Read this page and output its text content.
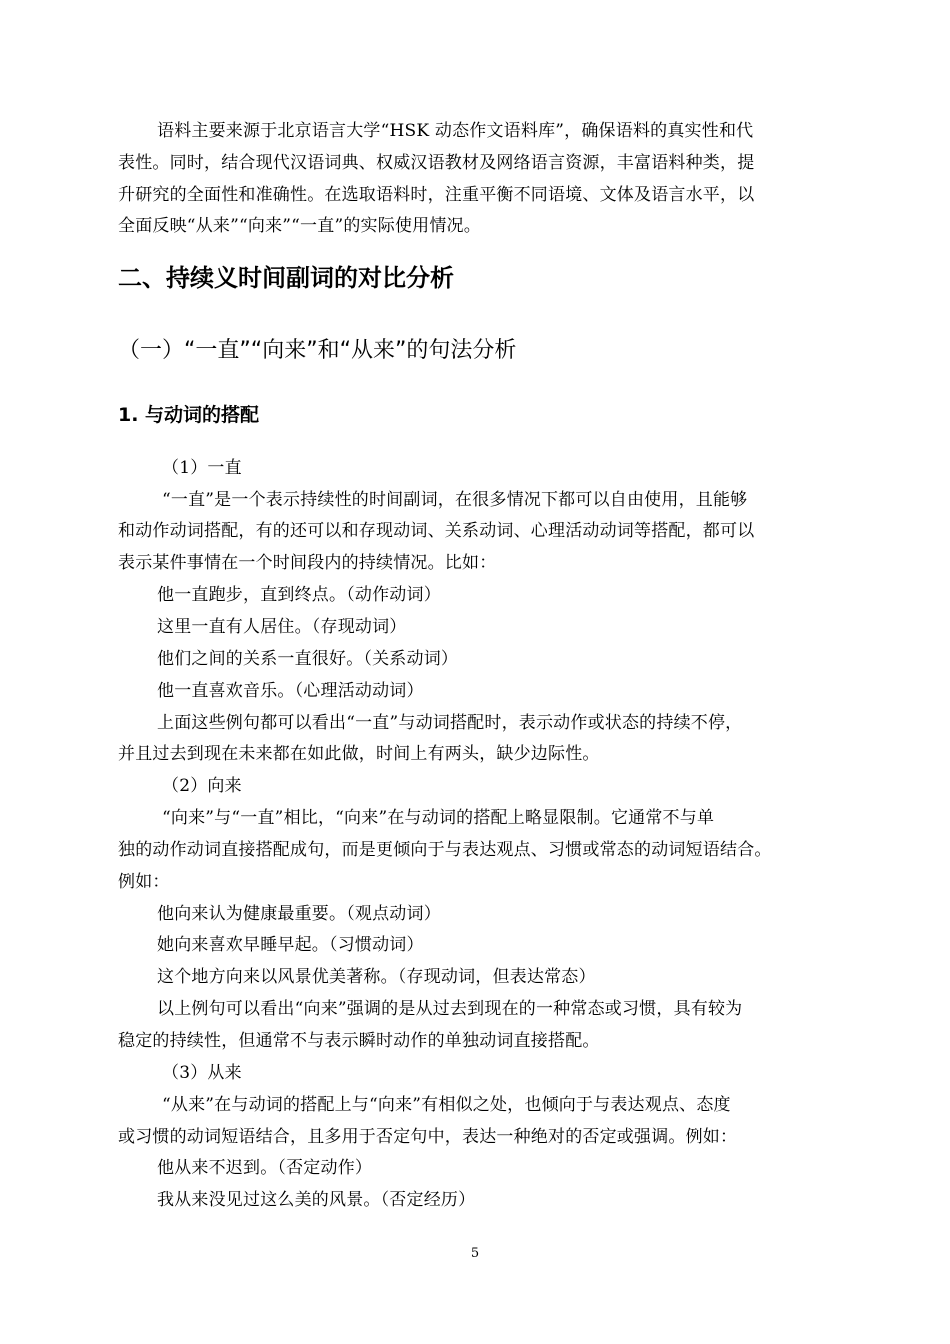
语料主要来源于北京语言大学“HSK 动态作文语料库”，确保语料的真实性和代
表性。同时，结合现代汉语词典、权威汉语教材及网络语言资源，丰富语料种类，提
升研究的全面性和准确性。在选取语料时，注重平衡不同语境、文体及语言水平，以
全面反映“从来”“向来”“一直”的实际使用情况。
二、持续义时间副词的对比分析
（一）“一直”“向来”和“从来”的句法分析
1. 与动词的搭配
（1）一直
“一直”是一个表示持续性的时间副词，在很多情况下都可以自由使用，且能够
和动作动词搭配，有的还可以和存现动词、关系动词、心理活动动词等搭配，都可以
表示某件事情在一个时间段内的持续情况。比如：
他一直跑步，直到终点。（动作动词）
这里一直有人居住。（存现动词）
他们之间的关系一直很好。（关系动词）
他一直喜欢音乐。（心理活动动词）
上面这些例句都可以看出“一直”与动词搭配时，表示动作或状态的持续不停，
并且过去到现在未来都在如此做，时间上有两头，缺少边际性。
（2）向来
“向来”与“一直”相比，“向来”在与动词的搭配上略显限制。它通常不与单
独的动作动词直接搭配成句，而是更倾向于与表达观点、习惯或常态的动词短语结合。
例如：
他向来认为健康最重要。（观点动词）
她向来喜欢早睡早起。（习惯动词）
这个地方向来以风景优美著称。（存现动词，但表达常态）
以上例句可以看出“向来”强调的是从过去到现在的一种常态或习惯，具有较为
稳定的持续性，但通常不与表示瞬时动作的单独动词直接搭配。
（3）从来
“从来”在与动词的搭配上与“向来”有相似之处，也倾向于与表达观点、态度
或习惯的动词短语结合，且多用于否定句中，表达一种绝对的否定或强调。例如：
他从来不迟到。（否定动作）
我从来没见过这么美的风景。（否定经历）
5
